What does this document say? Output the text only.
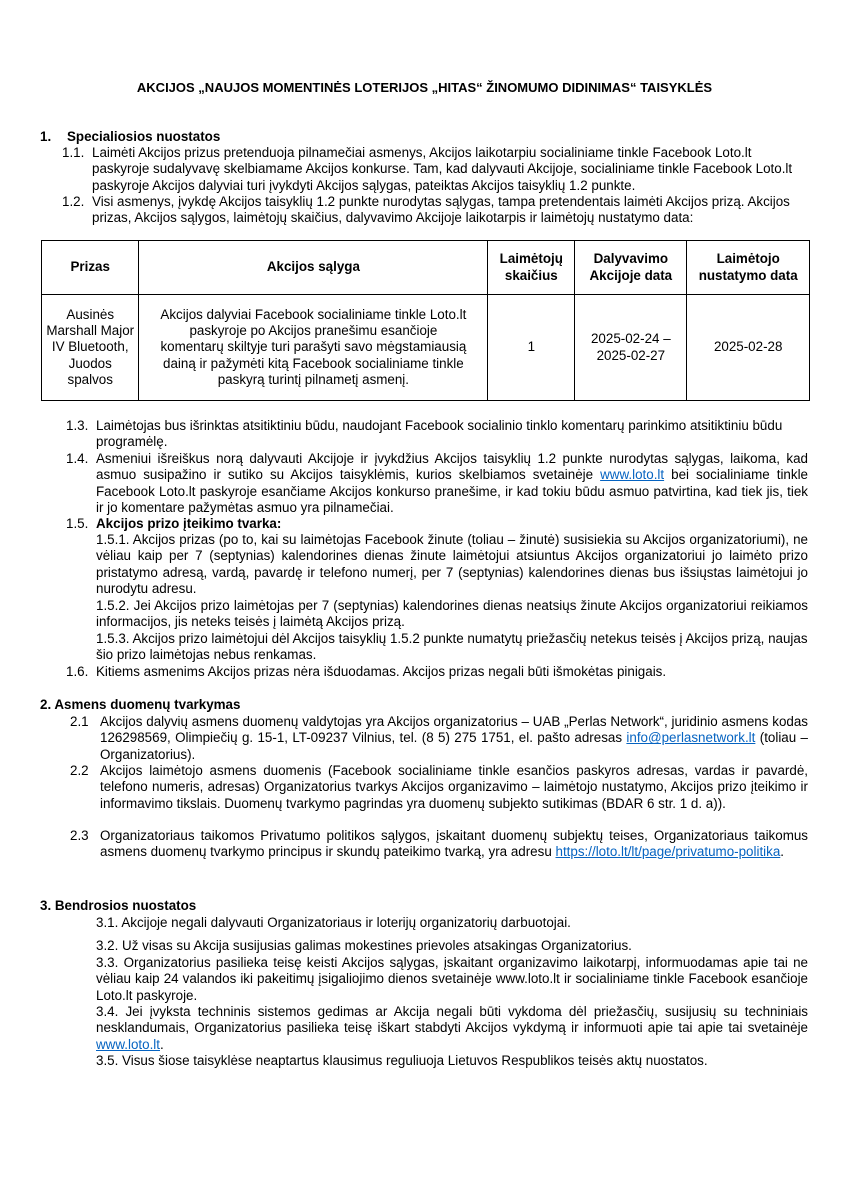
AKCIJOS „NAUJOS MOMENTINĖS LOTERIJOS „HITAS“ ŽINOMUMO DIDINIMAS“ TAISYKLĖS
1. Specialiosios nuostatos
1.1. Laimėti Akcijos prizus pretenduoja pilnamečiai asmenys, Akcijos laikotarpiu socialiniame tinkle Facebook Loto.lt paskyroje sudalyvavę skelbiamame Akcijos konkurse. Tam, kad dalyvauti Akcijoje, socialiniame tinkle Facebook Loto.lt paskyroje Akcijos dalyviai turi įvykdyti Akcijos sąlygas, pateiktas Akcijos taisyklių 1.2 punkte.
1.2. Visi asmenys, įvykdę Akcijos taisyklių 1.2 punkte nurodytas sąlygas, tampa pretendentais laimėti Akcijos prizą. Akcijos prizas, Akcijos sąlygos, laimėtojų skaičius, dalyvavimo Akcijoje laikotarpis ir laimėtojų nustatymo data:
Prizas	Akcijos sąlyga	Laimėtojų skaičius	Dalyvavimo Akcijoje data	Laimėtojo nustatymo data
Ausinės Marshall Major IV Bluetooth, Juodos spalvos	Akcijos dalyviai Facebook socialiniame tinkle Loto.lt paskyroje po Akcijos pranešimu esančioje komentarų skiltyje turi parašyti savo mėgstamiausią dainą ir pažymėti kitą Facebook socialiniame tinkle paskyrą turintį pilnametį asmenį.	1	2025-02-24 – 2025-02-27	2025-02-28
1.3. Laimėtojas bus išrinktas atsitiktiniu būdu, naudojant Facebook socialinio tinklo komentarų parinkimo atsitiktiniu būdu programėlę.
1.4. Asmeniui išreiškus norą dalyvauti Akcijoje ir įvykdžius Akcijos taisyklių 1.2 punkte nurodytas sąlygas, laikoma, kad asmuo susipažino ir sutiko su Akcijos taisyklėmis, kurios skelbiamos svetainėje www.loto.lt bei socialiniame tinkle Facebook Loto.lt paskyroje esančiame Akcijos konkurso pranešime, ir kad tokiu būdu asmuo patvirtina, kad tiek jis, tiek ir jo komentare pažymėtas asmuo yra pilnamečiai.
1.5. Akcijos prizo įteikimo tvarka:
1.5.1. Akcijos prizas (po to, kai su laimėtojas Facebook žinute (toliau – žinutė) susisiekia su Akcijos organizatoriumi), ne vėliau kaip per 7 (septynias) kalendorines dienas žinute laimėtojui atsiuntus Akcijos organizatoriui jo laimėto prizo pristatymo adresą, vardą, pavardę ir telefono numerį, per 7 (septynias) kalendorines dienas bus išsiųstas laimėtojui jo nurodytu adresu.
1.5.2. Jei Akcijos prizo laimėtojas per 7 (septynias) kalendorines dienas neatsiųs žinute Akcijos organizatoriui reikiamos informacijos, jis neteks teisės į laimėtą Akcijos prizą.
1.5.3. Akcijos prizo laimėtojui dėl Akcijos taisyklių 1.5.2 punkte numatytų priežasčių netekus teisės į Akcijos prizą, naujas šio prizo laimėtojas nebus renkamas.
1.6. Kitiems asmenims Akcijos prizas nėra išduodamas. Akcijos prizas negali būti išmokėtas pinigais.
2. Asmens duomenų tvarkymas
2.1 Akcijos dalyvių asmens duomenų valdytojas yra Akcijos organizatorius – UAB „Perlas Network“, juridinio asmens kodas 126298569, Olimpiečių g. 15-1, LT-09237 Vilnius, tel. (8 5) 275 1751, el. pašto adresas info@perlasnetwork.lt (toliau – Organizatorius).
2.2 Akcijos laimėtojo asmens duomenis (Facebook socialiniame tinkle esančios paskyros adresas, vardas ir pavardė, telefono numeris, adresas) Organizatorius tvarkys Akcijos organizavimo – laimėtojo nustatymo, Akcijos prizo įteikimo ir informavimo tikslais. Duomenų tvarkymo pagrindas yra duomenų subjekto sutikimas (BDAR 6 str. 1 d. a)).
2.3 Organizatoriaus taikomos Privatumo politikos sąlygos, įskaitant duomenų subjektų teises, Organizatoriaus taikomus asmens duomenų tvarkymo principus ir skundų pateikimo tvarką, yra adresu https://loto.lt/lt/page/privatumo-politika.
3. Bendrosios nuostatos
3.1. Akcijoje negali dalyvauti Organizatoriaus ir loterijų organizatorių darbuotojai.
3.2. Už visas su Akcija susijusias galimas mokestines prievoles atsakingas Organizatorius.
3.3. Organizatorius pasilieka teisę keisti Akcijos sąlygas, įskaitant organizavimo laikotarpį, informuodamas apie tai ne vėliau kaip 24 valandos iki pakeitimų įsigaliojimo dienos svetainėje www.loto.lt ir socialiniame tinkle Facebook esančioje Loto.lt paskyroje.
3.4. Jei įvyksta techninis sistemos gedimas ar Akcija negali būti vykdoma dėl priežasčių, susijusių su techniniais nesklandumais, Organizatorius pasilieka teisę iškart stabdyti Akcijos vykdymą ir informuoti apie tai apie tai svetainėje www.loto.lt.
3.5. Visus šiose taisyklėse neaptartus klausimus reguliuoja Lietuvos Respublikos teisės aktų nuostatos.
